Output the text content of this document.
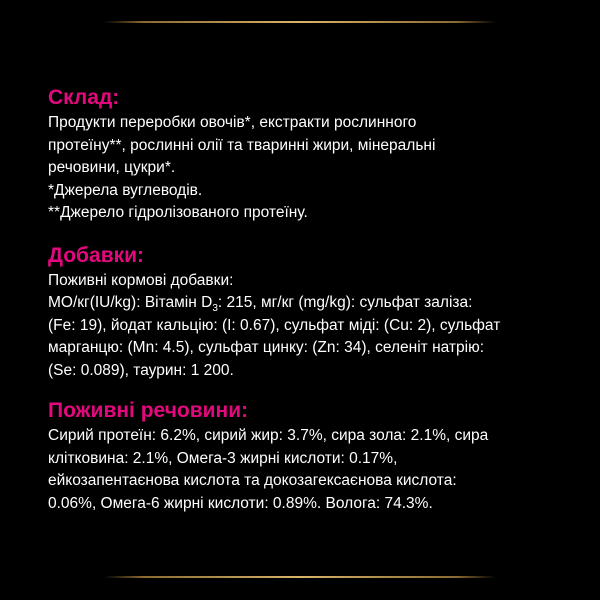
Склад:

Продукти переробки овочів*, екстракти рослинного

протеїну**, рослинні олії та тваринні жири, мінеральні

речовини, цукри*.

*Джерела вуглеводів.

**Джерело гідролізованого протеїну.

Добавки:

Поживні кормові добавки:

МО/кг(IU/kg): Вітамін $D_3$: 215, мг/кг (mg/kg): сульфат заліза:

(Fe: 19), йодат кальцію: (I: 0.67), сульфат міді: (Cu: 2), сульфат

марганцю: (Mn: 4.5), сульфат цинку: (Zn: 34), селеніт натрію:

(Se: 0.089), таурин: 1 200.

Поживні речовини:

Сирий протеїн: 6.2%, сирий жир: 3.7%, сира зола: 2.1%, сира

клітковина: 2.1%, Омега-3 жирні кислоти: 0.17%,

ейкозапентаєнова кислота та докозагексаєнова кислота:

0.06%, Омега-6 жирні кислоти: 0.89%. Волога: 74.3%.
